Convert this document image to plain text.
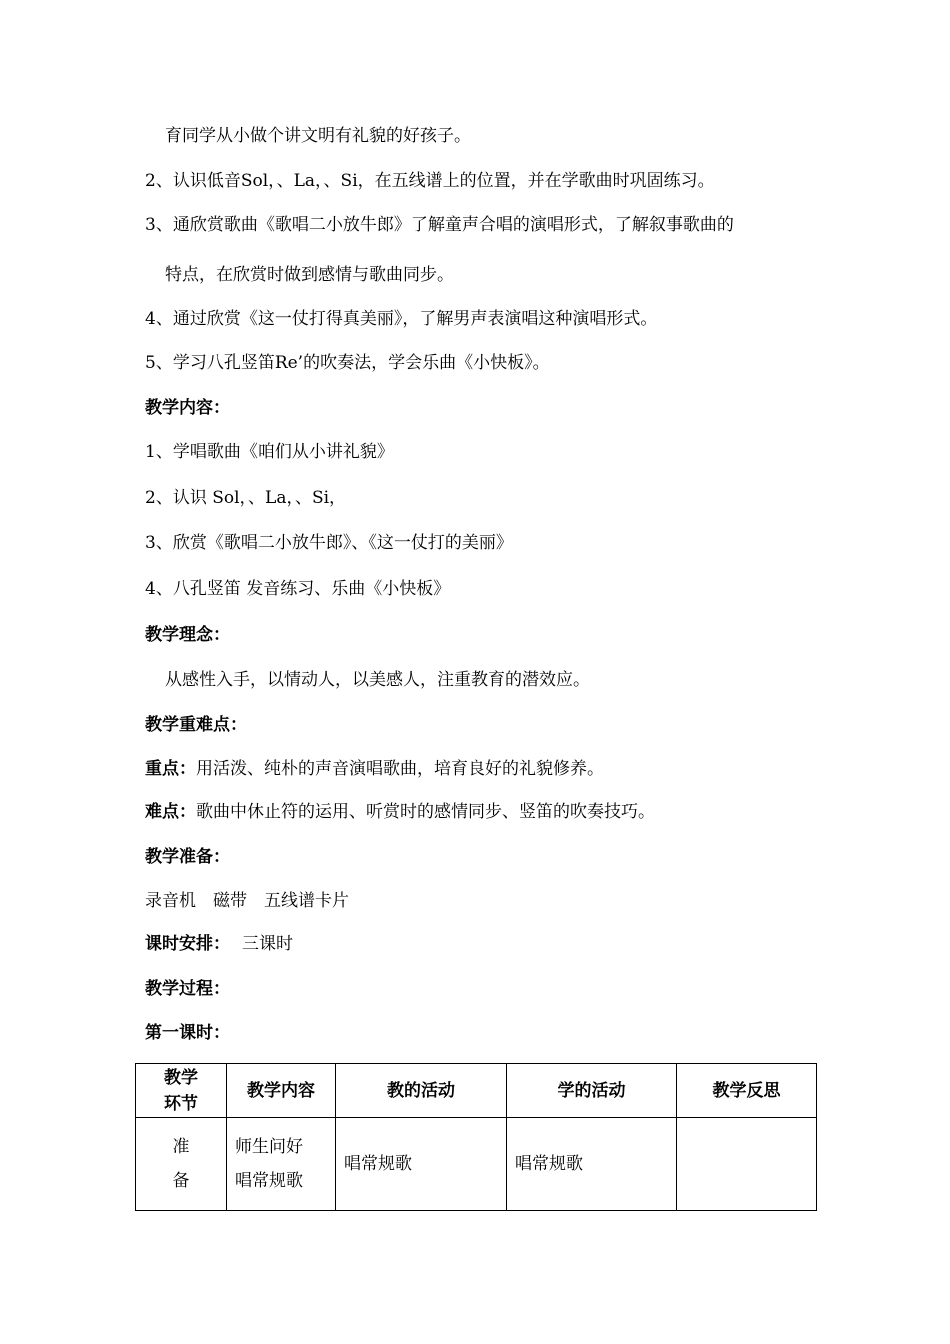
育同学从小做个讲文明有礼貌的好孩子。
2、认识低音Sol，、La，、Si，在五线谱上的位置，并在学歌曲时巩固练习。
3、通欣赏歌曲《歌唱二小放牛郎》了解童声合唱的演唱形式，了解叙事歌曲的
特点，在欣赏时做到感情与歌曲同步。
4、通过欣赏《这一仗打得真美丽》，了解男声表演唱这种演唱形式。
5、学习八孔竖笛Re’的吹奏法，学会乐曲《小快板》。
教学内容：
1、学唱歌曲《咱们从小讲礼貌》
2、认识 Sol，、La，、Si，
3、欣赏《歌唱二小放牛郎》、《这一仗打的美丽》
4、八孔竖笛 发音练习、乐曲《小快板》
教学理念：
从感性入手，以情动人，以美感人，注重教育的潜效应。
教学重难点：
重点：用活泼、纯朴的声音演唱歌曲，培育良好的礼貌修养。
难点：歌曲中休止符的运用、听赏时的感情同步、竖笛的吹奏技巧。
教学准备：
录音机　磁带　五线谱卡片
课时安排： 三课时
教学过程：
第一课时：
教学
环节	教学内容	教的活动	学的活动	教学反思

准
备	师生问好
唱常规歌	唱常规歌	唱常规歌	
